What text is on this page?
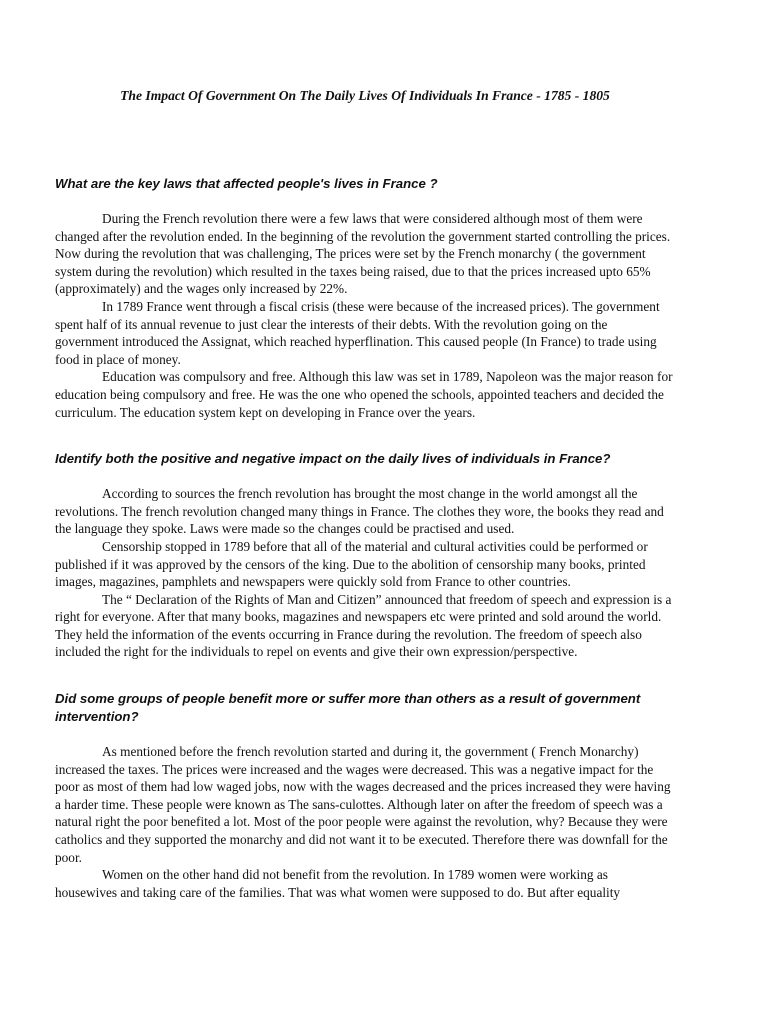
The Impact Of Government On The Daily Lives Of Individuals In France - 1785 - 1805
What are the key laws that affected people's lives in France ?

During the French revolution there were a few laws that were considered although most of them were changed after the revolution ended. In the beginning of the revolution the government started controlling the prices. Now during the revolution that was challenging, The prices were set by the French monarchy ( the government system during the revolution) which resulted in the taxes being raised, due to that the prices increased upto 65% (approximately) and the wages only increased by 22%.

In 1789 France went through a fiscal crisis (these were because of the increased prices). The government spent half of its annual revenue to just clear the interests of their debts. With the revolution going on the government introduced the Assignat, which reached hyperflination. This caused people (In France) to trade using food in place of money.

Education was compulsory and free. Although this law was set in 1789, Napoleon was the major reason for education being compulsory and free. He was the one who opened the schools, appointed teachers and decided the curriculum. The education system kept on developing in France over the years.

Identify both the positive and negative impact on the daily lives of individuals in France?

According to sources the french revolution has brought the most change in the world amongst all the revolutions. The french revolution changed many things in France. The clothes they wore, the books they read and the language they spoke. Laws were made so the changes could be practised and used.

Censorship stopped in 1789 before that all of the material and cultural activities could be performed or published if it was approved by the censors of the king. Due to the abolition of censorship many books, printed images, magazines, pamphlets and newspapers were quickly sold from France to other countries.

The “ Declaration of the Rights of Man and Citizen” announced that freedom of speech and expression is a right for everyone. After that many books, magazines and newspapers etc were printed and sold around the world. They held the information of the events occurring in France during the revolution. The freedom of speech also included the right for the individuals to repel on events and give their own expression/perspective.

Did some groups of people benefit more or suffer more than others as a result of government intervention?

As mentioned before the french revolution started and during it, the government ( French Monarchy) increased the taxes. The prices were increased and the wages were decreased. This was a negative impact for the poor as most of them had low waged jobs, now with the wages decreased and the prices increased they were having a harder time. These people were known as The sans-culottes. Although later on after the freedom of speech was a natural right the poor benefited a lot. Most of the poor people were against the revolution, why? Because they were catholics and they supported the monarchy and did not want it to be executed. Therefore there was downfall for the poor.

Women on the other hand did not benefit from the revolution. In 1789 women were working as housewives and taking care of the families. That was what women were supposed to do. But after equality
